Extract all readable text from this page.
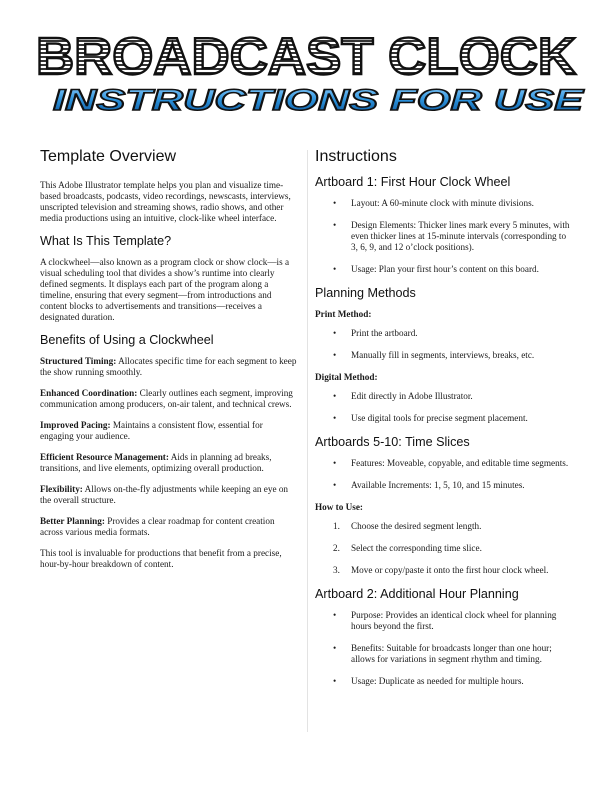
BROADCAST CLOCK
INSTRUCTIONS FOR USE
Template Overview

This Adobe Illustrator template helps you plan and visualize time-based broadcasts, podcasts, video recordings, newscasts, interviews, unscripted television and streaming shows, radio shows, and other media productions using an intuitive, clock-like wheel interface.

What Is This Template?

A clockwheel—also known as a program clock or show clock—is a visual scheduling tool that divides a show’s runtime into clearly defined segments. It displays each part of the program along a timeline, ensuring that every segment—from introductions and content blocks to advertisements and transitions—receives a designated duration.

Benefits of Using a Clockwheel

Structured Timing: Allocates specific time for each segment to keep the show running smoothly.

Enhanced Coordination: Clearly outlines each segment, improving communication among producers, on-air talent, and technical crews.

Improved Pacing: Maintains a consistent flow, essential for engaging your audience.

Efficient Resource Management: Aids in planning ad breaks, transitions, and live elements, optimizing overall production.

Flexibility: Allows on-the-fly adjustments while keeping an eye on the overall structure.

Better Planning: Provides a clear roadmap for content creation across various media formats.

This tool is invaluable for productions that benefit from a precise, hour-by-hour breakdown of content.

Instructions
Artboard 1: First Hour Clock Wheel
• Layout: A 60-minute clock with minute divisions.
• Design Elements: Thicker lines mark every 5 minutes, with even thicker lines at 15-minute intervals (corresponding to 3, 6, 9, and 12 o’clock positions).
• Usage: Plan your first hour’s content on this board.
Planning Methods
Print Method:
• Print the artboard.
• Manually fill in segments, interviews, breaks, etc.
Digital Method:
• Edit directly in Adobe Illustrator.
• Use digital tools for precise segment placement.
Artboards 5-10: Time Slices
• Features: Moveable, copyable, and editable time segments.
• Available Increments: 1, 5, 10, and 15 minutes.
How to Use:
1. Choose the desired segment length.
2. Select the corresponding time slice.
3. Move or copy/paste it onto the first hour clock wheel.
Artboard 2: Additional Hour Planning
• Purpose: Provides an identical clock wheel for planning hours beyond the first.
• Benefits: Suitable for broadcasts longer than one hour; allows for variations in segment rhythm and timing.
• Usage: Duplicate as needed for multiple hours.
